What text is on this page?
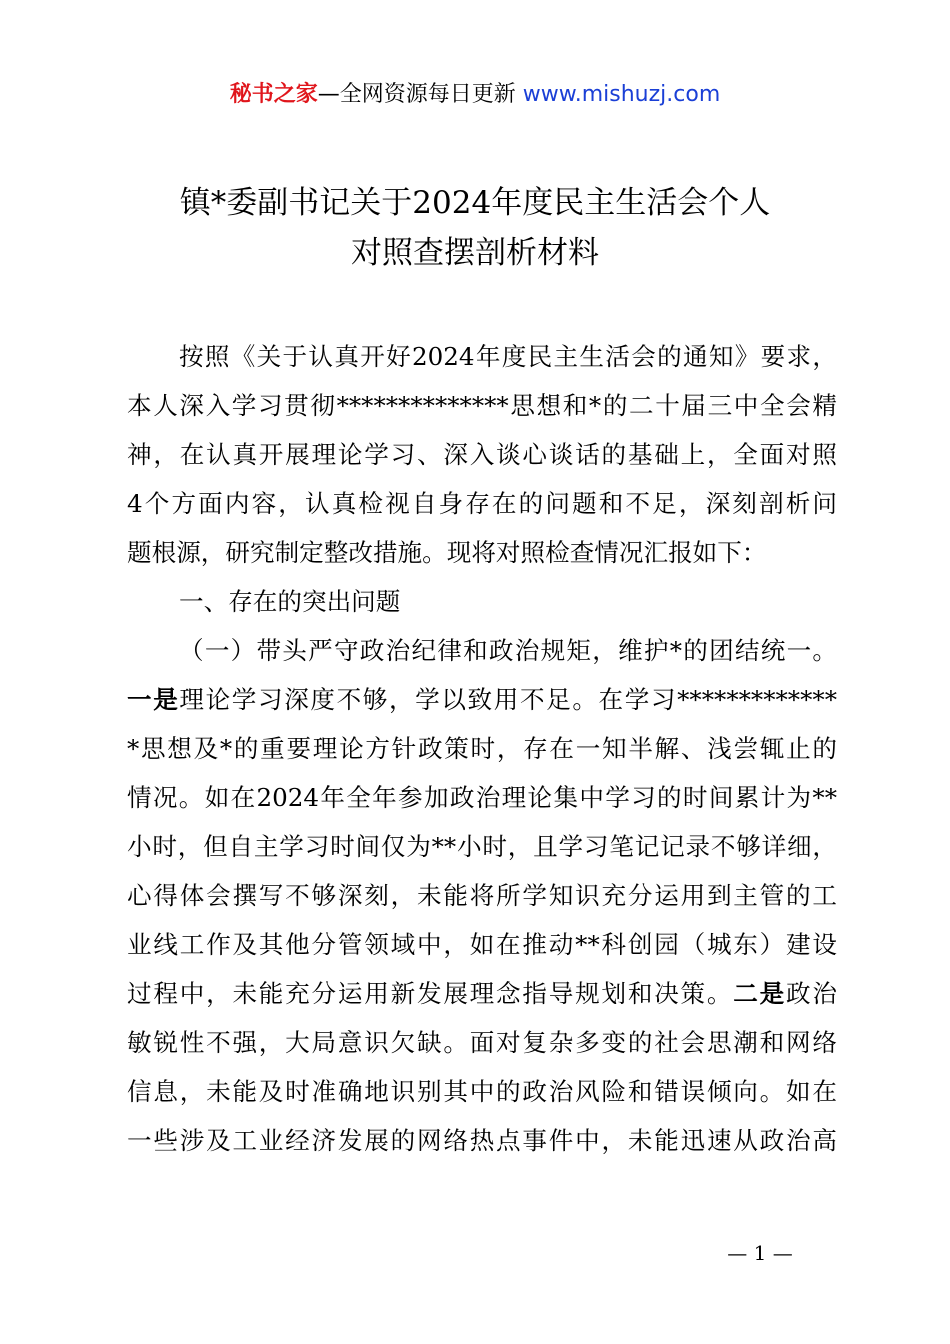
秘书之家—全网资源每日更新 www.mishuzj.com
镇*委副书记关于2024年度民主生活会个人
对照查摆剖析材料
按照《关于认真开好2024年度民主生活会的通知》要求，
本人深入学习贯彻**************思想和*的二十届三中全会精
神，在认真开展理论学习、深入谈心谈话的基础上，全面对照
4个方面内容，认真检视自身存在的问题和不足，深刻剖析问
题根源，研究制定整改措施。现将对照检查情况汇报如下：
一、存在的突出问题
（一）带头严守政治纪律和政治规矩，维护*的团结统一。
一是理论学习深度不够，学以致用不足。在学习*************
*思想及*的重要理论方针政策时，存在一知半解、浅尝辄止的
情况。如在2024年全年参加政治理论集中学习的时间累计为**
小时，但自主学习时间仅为**小时，且学习笔记记录不够详细，
心得体会撰写不够深刻，未能将所学知识充分运用到主管的工
业线工作及其他分管领域中，如在推动**科创园（城东）建设
过程中，未能充分运用新发展理念指导规划和决策。二是政治
敏锐性不强，大局意识欠缺。面对复杂多变的社会思潮和网络
信息，未能及时准确地识别其中的政治风险和错误倾向。如在
一些涉及工业经济发展的网络热点事件中，未能迅速从政治高
— 1 —
